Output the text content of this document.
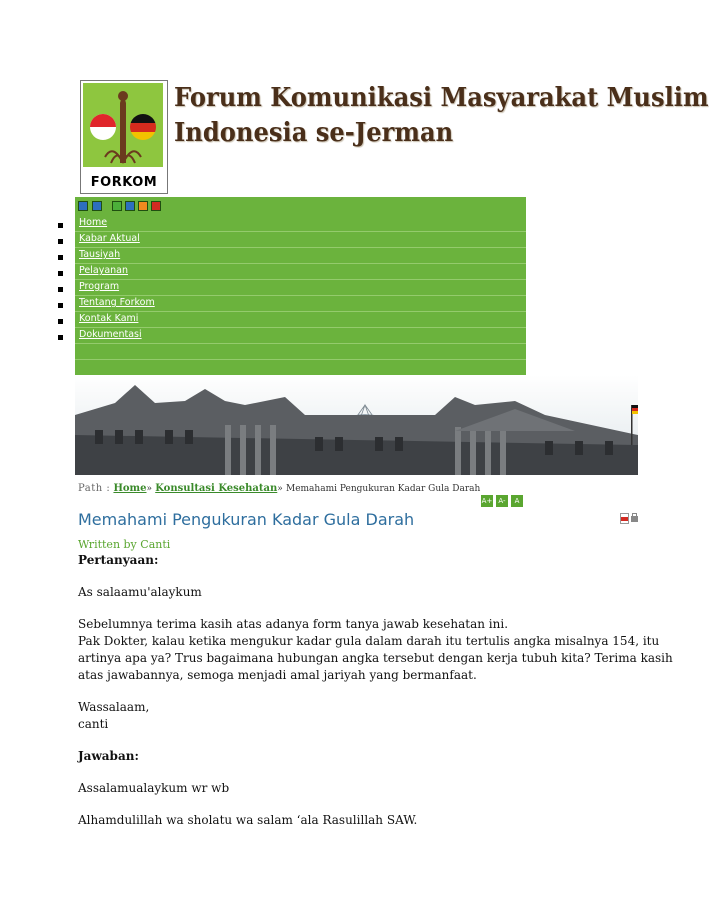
FORKOM
Forum Komunikasi Masyarakat Muslim
Indonesia se-Jerman
Home
Kabar Aktual
Tausiyah
Pelayanan
Program
Tentang Forkom
Kontak Kami
Dokumentasi
Path : Home» Konsultasi Kesehatan» Memahami Pengukuran Kadar Gula Darah
A+ A-	A
Memahami Pengukuran Kadar Gula Darah
Written by Canti
Pertanyaan:
As salaamu'alaykum
Sebelumnya terima kasih atas adanya form tanya jawab kesehatan ini.
Pak Dokter, kalau ketika mengukur kadar gula dalam darah itu tertulis angka misalnya 154, itu
artinya apa ya? Trus bagaimana hubungan angka tersebut dengan kerja tubuh kita? Terima kasih
atas jawabannya, semoga menjadi amal jariyah yang bermanfaat.
Wassalaam,
canti
Jawaban:
Assalamualaykum wr wb
Alhamdulillah wa sholatu wa salam ‘ala Rasulillah SAW.
